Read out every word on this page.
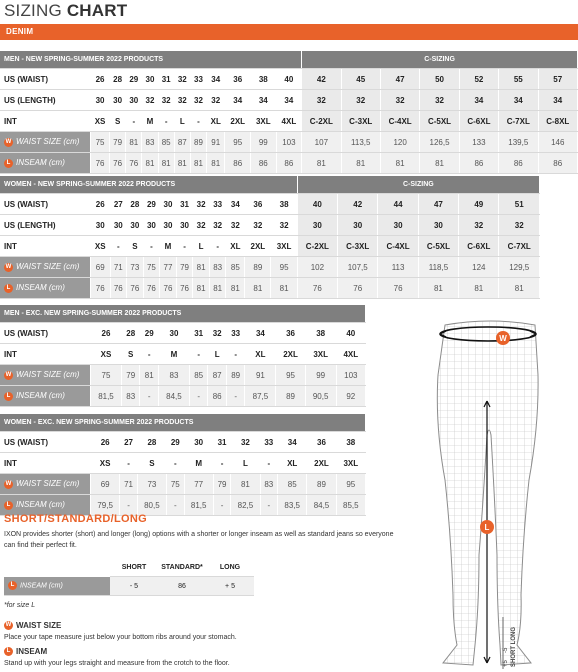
SIZING CHART
DENIM
MEN - NEW SPRING-SUMMER 2022 PRODUCTS												C-SIZING						
US (WAIST)	26	28	29	30	31	32	33	34	36	38	40	42	45	47	50	52	55	57
US (LENGTH)	30	30	30	32	32	32	32	32	34	34	34	32	32	32	32	34	34	34
INT	XS	S	-	M	-	L	-	XL	2XL	3XL	4XL	C-2XL	C-3XL	C-4XL	C-5XL	C-6XL	C-7XL	C-8XL
W WAIST SIZE (cm)	75	79	81	83	85	87	89	91	95	99	103	107	113,5	120	126,5	133	139,5	146
L INSEAM (cm)	76	76	76	81	81	81	81	81	86	86	86	81	81	81	81	86	86	86
WOMEN - NEW SPRING-SUMMER 2022 PRODUCTS												C-SIZING					
US (WAIST)	26	27	28	29	30	31	32	33	34	36	38	40	42	44	47	49	51
US (LENGTH)	30	30	30	30	30	30	32	32	32	32	32	30	30	30	30	32	32
INT	XS	-	S	-	M	-	L	-	XL	2XL	3XL	C-2XL	C-3XL	C-4XL	C-5XL	C-6XL	C-7XL
W WAIST SIZE (cm)	69	71	73	75	77	79	81	83	85	89	95	102	107,5	113	118,5	124	129,5
L INSEAM (cm)	76	76	76	76	76	76	81	81	81	81	81	76	76	76	81	81	81
MEN - EXC. NEW SPRING-SUMMER 2022 PRODUCTS											
US (WAIST)	26	28	29	30	31	32	33	34	36	38	40
INT	XS	S	-	M	-	L	-	XL	2XL	3XL	4XL
W WAIST SIZE (cm)	75	79	81	83	85	87	89	91	95	99	103
L INSEAM (cm)	81,5	83	-	84,5	-	86	-	87,5	89	90,5	92
WOMEN - EXC. NEW SPRING-SUMMER 2022 PRODUCTS											
US (WAIST)	26	27	28	29	30	31	32	33	34	36	38
INT	XS	-	S	-	M	-	L	-	XL	2XL	3XL
W WAIST SIZE (cm)	69	71	73	75	77	79	81	83	85	89	95
L INSEAM (cm)	79,5	-	80,5	-	81,5	-	82,5	-	83,5	84,5	85,5
SHORT/STANDARD/LONG
IXON provides shorter (short) and longer (long) options with a shorter or longer inseam as well as standard jeans so everyone can find their perfect fit.
	SHORT	STANDARD*	LONG
L INSEAM (cm)	- 5	86	+ 5
*for size L
W WAIST SIZE
Place your tape measure just below your bottom ribs around your stomach.
L INSEAM
Stand up with your legs straight and measure from the crotch to the floor.
W
L
-5 SHORT LONG
+5
